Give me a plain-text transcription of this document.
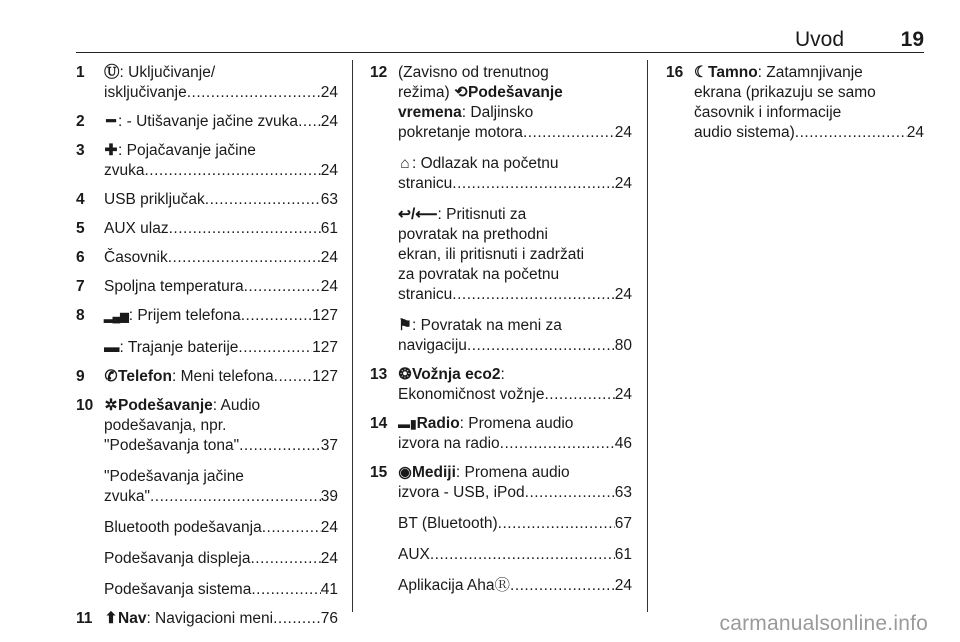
Uvod	19
1 Ⓤ: Uključivanje/
isključivanje .....	24
2 ━ : - Utišavanje jačine zvuka ..... 24
3 ✚: Pojačavanje jačine
zvuka .....	24
4 USB priključak .....	63
5 AUX ulaz .....	61
6 Časovnik .....	24
7 Spoljna temperatura .....	24
8 ▂▄▆: Prijem telefona .....	127
▬: Trajanje baterije .....	127
9 ✆Telefon: Meni telefona ..... 127
10 ✲Podešavanje: Audio
podešavanja, npr.
"Podešavanja tona" .....	37
"Podešavanja jačine
zvuka" .....	39
Bluetooth podešavanja .....	24
Podešavanja displeja .....	24
Podešavanja sistema .....	41
11 ⬆Nav: Navigacioni meni .....	76
12 (Zavisno od trenutnog
režima) ⟲Podešavanje
vremena: Daljinsko
pokretanje motora .....	24
⌂ : Odlazak na početnu
stranicu .....	24
↩/⟵: Pritisnuti za
povratak na prethodni
ekran, ili pritisnuti i zadržati
za povratak na početnu
stranicu .....	24
⚑: Povratak na meni za
navigaciju .....	80
13 ❂Vožnja eco2:
Ekonomičnost vožnje .....	24
14 ▬▮Radio: Promena audio
izvora na radio .....	46
15 ◉Mediji: Promena audio
izvora - USB, iPod .....	63
BT (Bluetooth) .....	67
AUX .....	61
Aplikacija AhaⓇ .....	24
16 ☾Tamno: Zatamnjivanje
ekrana (prikazuju se samo
časovnik i informacije
audio sistema) .....	24
carmanualsonline.info
